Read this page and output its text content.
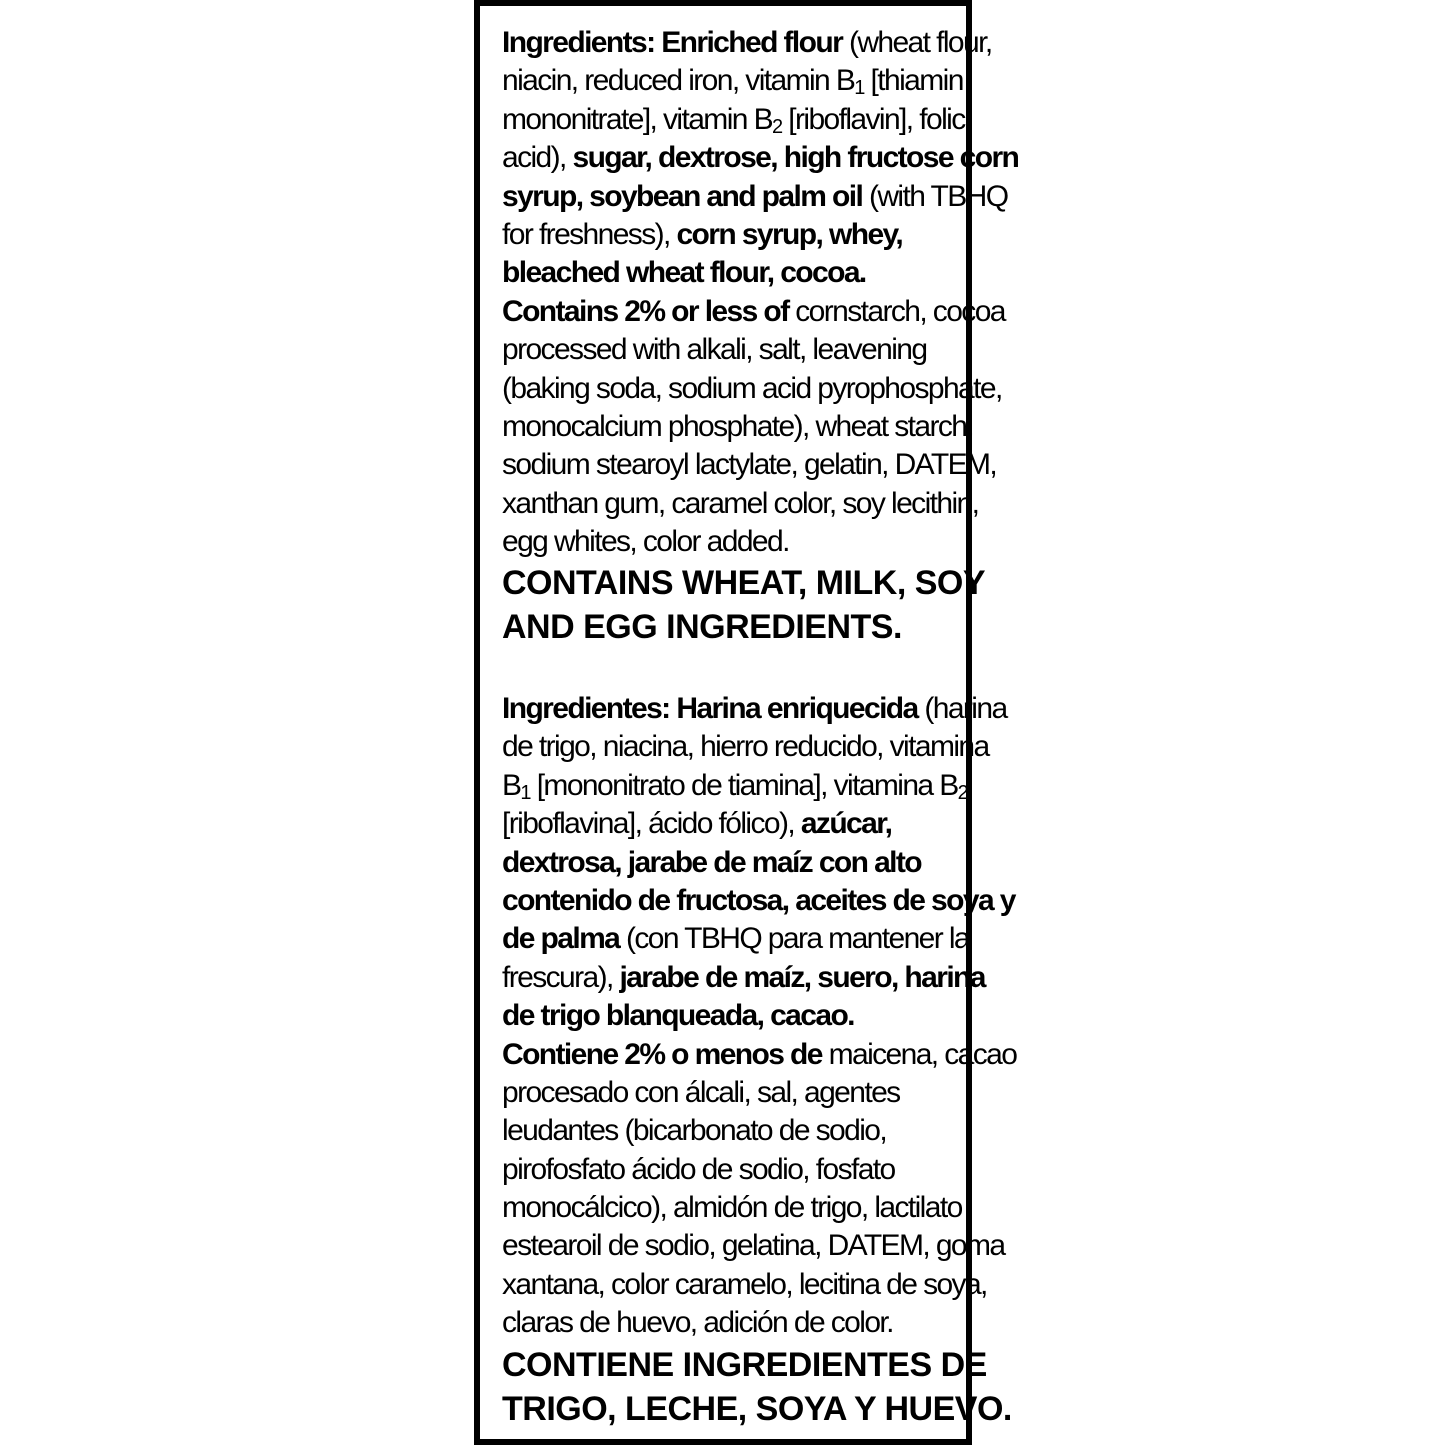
Ingredients: Enriched flour (wheat flour,
niacin, reduced iron, vitamin $B_1$ [thiamin
mononitrate], vitamin $B_2$ [riboflavin], folic
acid), sugar, dextrose, high fructose corn
syrup, soybean and palm oil (with TBHQ
for freshness), corn syrup, whey,
bleached wheat flour, cocoa.
Contains 2% or less of cornstarch, cocoa
processed with alkali, salt, leavening
(baking soda, sodium acid pyrophosphate,
monocalcium phosphate), wheat starch,
sodium stearoyl lactylate, gelatin, DATEM,
xanthan gum, caramel color, soy lecithin,
egg whites, color added.
CONTAINS WHEAT, MILK, SOY
AND EGG INGREDIENTS.
Ingredientes: Harina enriquecida (harina
de trigo, niacina, hierro reducido, vitamina
$B_1$ [mononitrato de tiamina], vitamina $B_2$
[riboflavina], ácido fólico), azúcar,
dextrosa, jarabe de maíz con alto
contenido de fructosa, aceites de soya y
de palma (con TBHQ para mantener la
frescura), jarabe de maíz, suero, harina
de trigo blanqueada, cacao.
Contiene 2% o menos de maicena, cacao
procesado con álcali, sal, agentes
leudantes (bicarbonato de sodio,
pirofosfato ácido de sodio, fosfato
monocálcico), almidón de trigo, lactilato
estearoil de sodio, gelatina, DATEM, goma
xantana, color caramelo, lecitina de soya,
claras de huevo, adición de color.
CONTIENE INGREDIENTES DE
TRIGO, LECHE, SOYA Y HUEVO.
